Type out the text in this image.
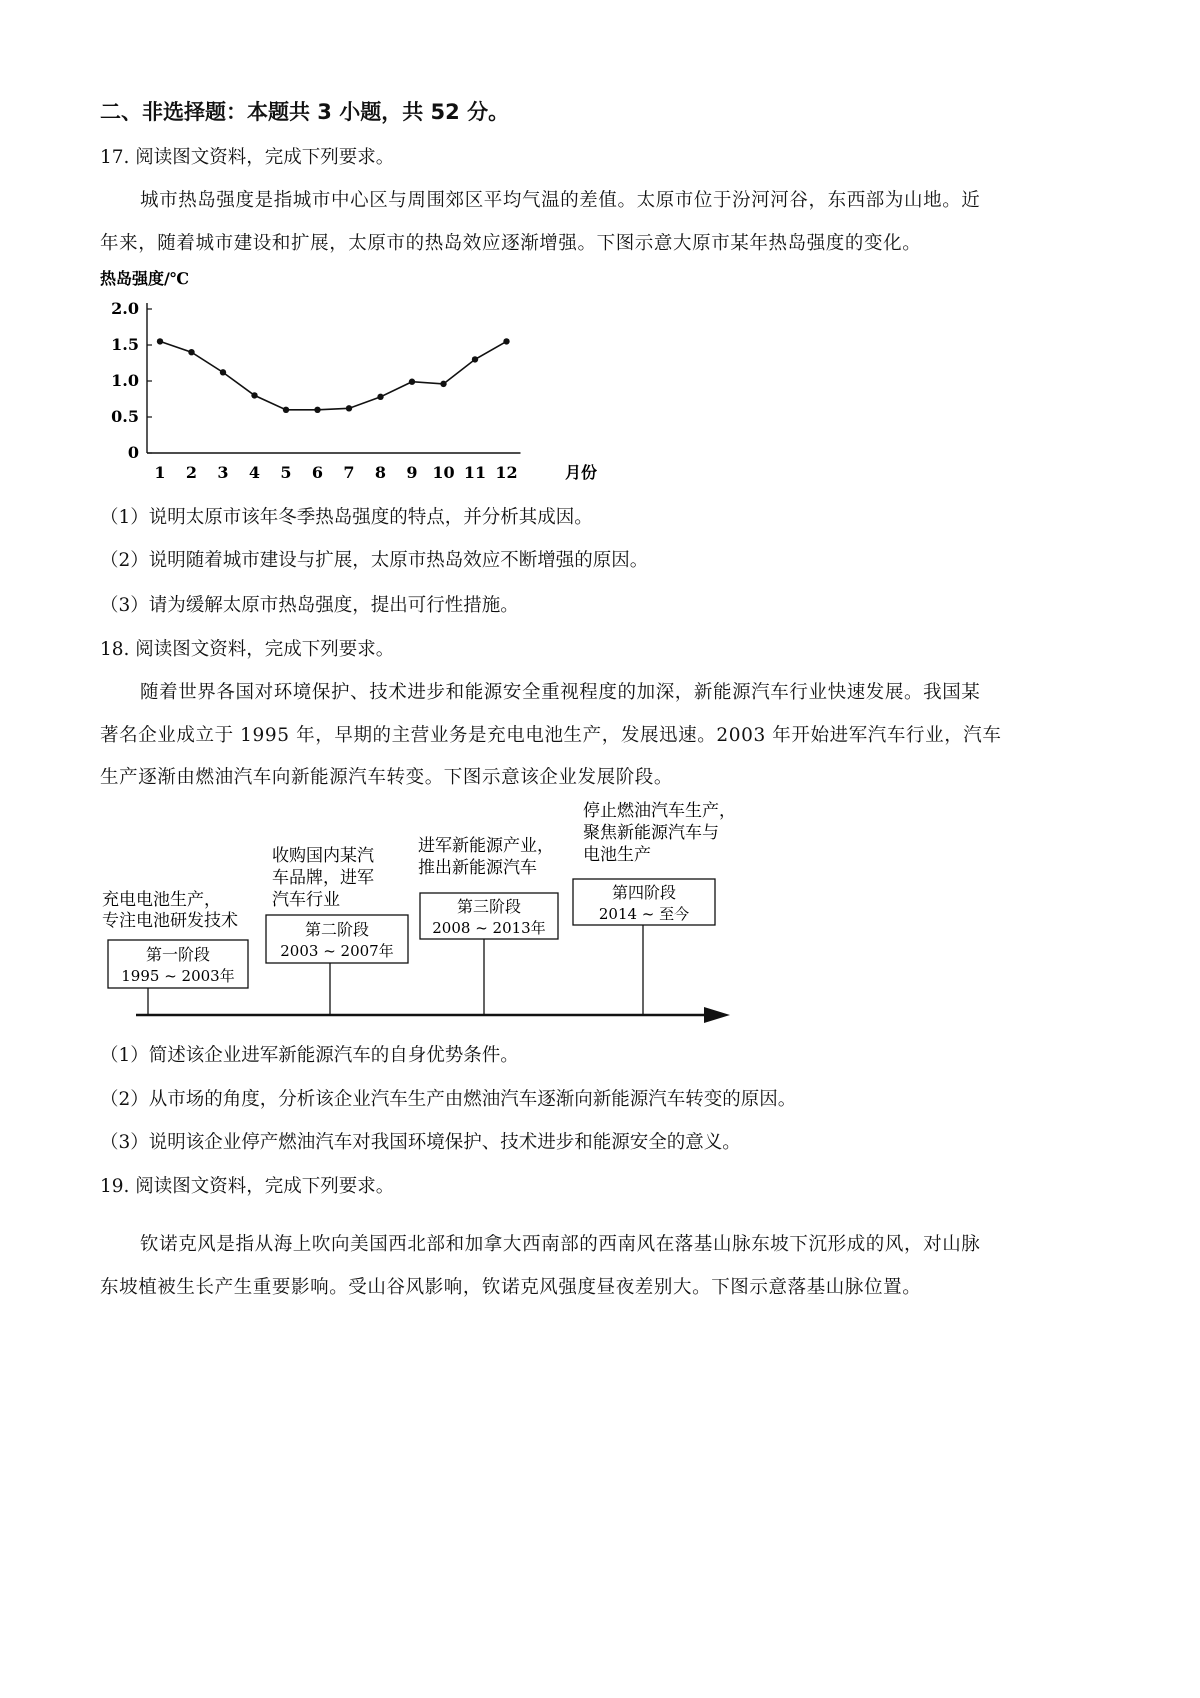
二、非选择题：本题共 3 小题，共 52 分。
17. 阅读图文资料，完成下列要求。
城市热岛强度是指城市中心区与周围郊区平均气温的差值。太原市位于汾河河谷，东西部为山地。近
年来，随着城市建设和扩展，太原市的热岛效应逐渐增强。下图示意大原市某年热岛强度的变化。
热岛强度/℃
0
0.5
1.0
1.5
2.0
1 2 3 4 5 6 7 8 9 10 11 12	月份
（1）说明太原市该年冬季热岛强度的特点，并分析其成因。
（2）说明随着城市建设与扩展，太原市热岛效应不断增强的原因。
（3）请为缓解太原市热岛强度，提出可行性措施。
18. 阅读图文资料，完成下列要求。
随着世界各国对环境保护、技术进步和能源安全重视程度的加深，新能源汽车行业快速发展。我国某
著名企业成立于 1995 年，早期的主营业务是充电电池生产，发展迅速。2003 年开始进军汽车行业，汽车
生产逐渐由燃油汽车向新能源汽车转变。下图示意该企业发展阶段。
充电电池生产，
专注电池研发技术
第一阶段
1995 ~ 2003年
收购国内某汽
车品牌，进军
汽车行业
第二阶段
2003 ~ 2007年
进军新能源产业，
推出新能源汽车
第三阶段
2008 ~ 2013年
停止燃油汽车生产，
聚焦新能源汽车与
电池生产
第四阶段
2014 ~ 至今
（1）简述该企业进军新能源汽车的自身优势条件。
（2）从市场的角度，分析该企业汽车生产由燃油汽车逐渐向新能源汽车转变的原因。
（3）说明该企业停产燃油汽车对我国环境保护、技术进步和能源安全的意义。
19. 阅读图文资料，完成下列要求。
钦诺克风是指从海上吹向美国西北部和加拿大西南部的西南风在落基山脉东坡下沉形成的风，对山脉
东坡植被生长产生重要影响。受山谷风影响，钦诺克风强度昼夜差别大。下图示意落基山脉位置。
